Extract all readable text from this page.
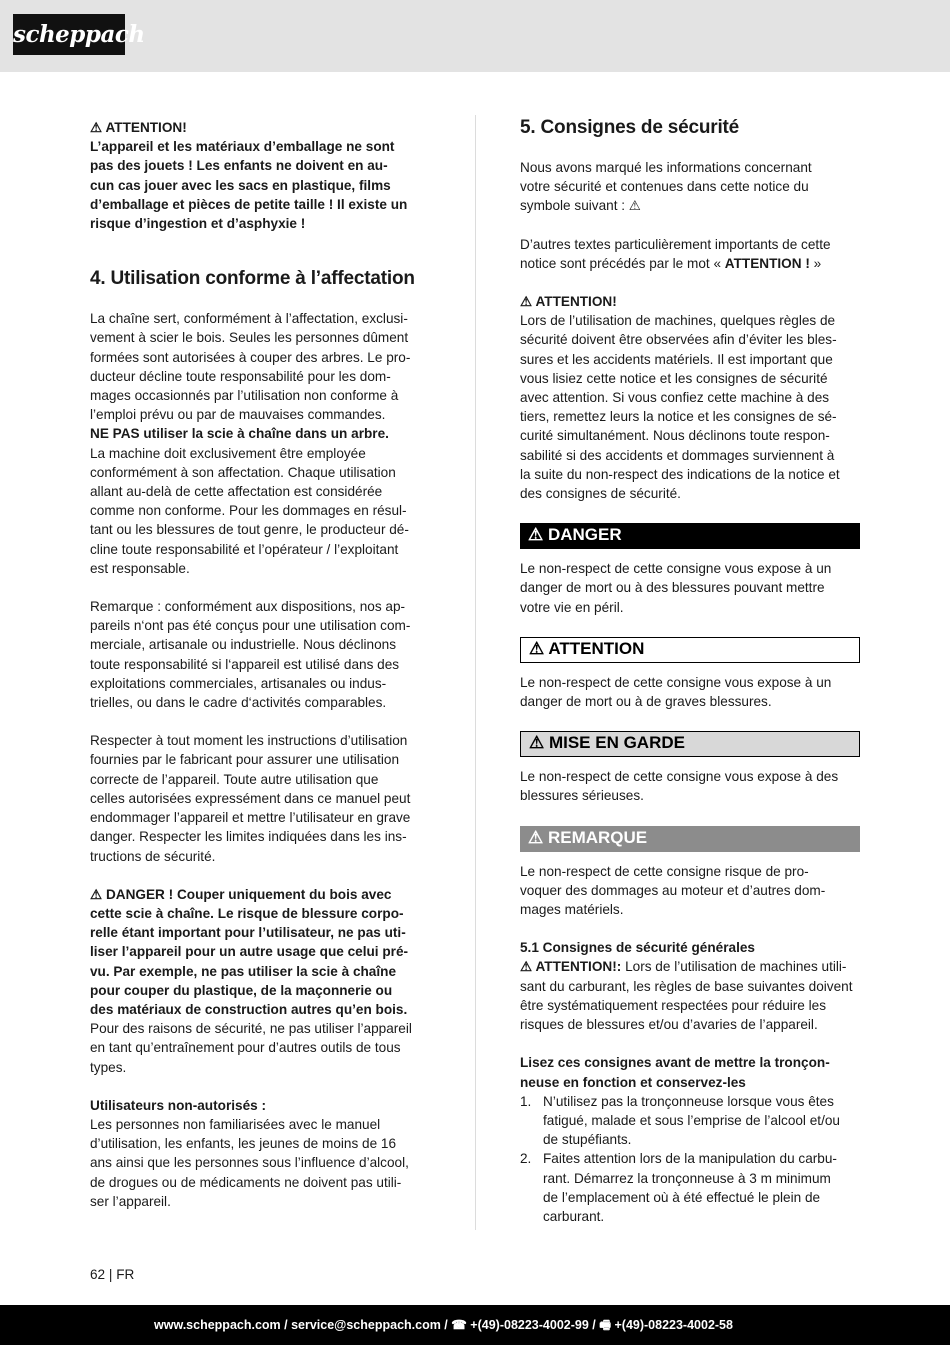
scheppach

⚠ ATTENTION!

L’appareil et les matériaux d’emballage ne sont

pas des jouets ! Les enfants ne doivent en au-

cun cas jouer avec les sacs en plastique, films

d’emballage et pièces de petite taille ! Il existe un

risque d’ingestion et d’asphyxie !

4. Utilisation conforme à l’affectation

La chaîne sert, conformément à l’affectation, exclusi-

vement à scier le bois. Seules les personnes dûment

formées sont autorisées à couper des arbres. Le pro-

ducteur décline toute responsabilité pour les dom-

mages occasionnés par l’utilisation non conforme à

l’emploi prévu ou par de mauvaises commandes.

NE PAS utiliser la scie à chaîne dans un arbre.

La machine doit exclusivement être employée

conformément à son affectation. Chaque utilisation

allant au-delà de cette affectation est considérée

comme non conforme. Pour les dommages en résul-

tant ou les blessures de tout genre, le producteur dé-

cline toute responsabilité et l’opérateur / l’exploitant

est responsable.

Remarque : conformément aux dispositions, nos ap-

pareils n‘ont pas été conçus pour une utilisation com-

merciale, artisanale ou industrielle. Nous déclinons

toute responsabilité si l‘appareil est utilisé dans des

exploitations commerciales, artisanales ou indus-

trielles, ou dans le cadre d‘activités comparables.

Respecter à tout moment les instructions d’utilisation

fournies par le fabricant pour assurer une utilisation

correcte de l’appareil. Toute autre utilisation que

celles autorisées expressément dans ce manuel peut

endommager l’appareil et mettre l’utilisateur en grave

danger. Respecter les limites indiquées dans les ins-

tructions de sécurité.

⚠ DANGER ! Couper uniquement du bois avec

cette scie à chaîne. Le risque de blessure corpo-

relle étant important pour l’utilisateur, ne pas uti-

liser l’appareil pour un autre usage que celui pré-

vu. Par exemple, ne pas utiliser la scie à chaîne

pour couper du plastique, de la maçonnerie ou

des matériaux de construction autres qu’en bois.

Pour des raisons de sécurité, ne pas utiliser l’appareil

en tant qu’entraînement pour d’autres outils de tous

types.

Utilisateurs non-autorisés :

Les personnes non familiarisées avec le manuel

d’utilisation, les enfants, les jeunes de moins de 16

ans ainsi que les personnes sous l’influence d’alcool,

de drogues ou de médicaments ne doivent pas utili-

ser l’appareil.

5. Consignes de sécurité

Nous avons marqué les informations concernant

votre sécurité et contenues dans cette notice du

symbole suivant : ⚠

D’autres textes particulièrement importants de cette

notice sont précédés par le mot « ATTENTION ! »

⚠ ATTENTION!

Lors de l’utilisation de machines, quelques règles de

sécurité doivent être observées afin d’éviter les bles-

sures et les accidents matériels. Il est important que

vous lisiez cette notice et les consignes de sécurité

avec attention. Si vous confiez cette machine à des

tiers, remettez leurs la notice et les consignes de sé-

curité simultanément. Nous déclinons toute respon-

sabilité si des accidents et dommages surviennent à

la suite du non-respect des indications de la notice et

des consignes de sécurité.

⚠ DANGER

Le non-respect de cette consigne vous expose à un

danger de mort ou à des blessures pouvant mettre

votre vie en péril.

⚠ ATTENTION

Le non-respect de cette consigne vous expose à un

danger de mort ou à de graves blessures.

⚠ MISE EN GARDE

Le non-respect de cette consigne vous expose à des

blessures sérieuses.

⚠ REMARQUE

Le non-respect de cette consigne risque de pro-

voquer des dommages au moteur et d’autres dom-

mages matériels.

5.1 Consignes de sécurité générales

⚠ ATTENTION!: Lors de l’utilisation de machines utili-

sant du carburant, les règles de base suivantes doivent

être systématiquement respectées pour réduire les

risques de blessures et/ou d’avaries de l’appareil.

Lisez ces consignes avant de mettre la tronçon-

neuse en fonction et conservez-les

1. N’utilisez pas la tronçonneuse lorsque vous êtes

fatigué, malade et sous l’emprise de l’alcool et/ou

de stupéfiants.

2. Faites attention lors de la manipulation du carbu-

rant. Démarrez la tronçonneuse à 3 m minimum

de l’emplacement où à été effectué le plein de

carburant.

62 | FR
www.scheppach.com / service@scheppach.com / ☎ +(49)-08223-4002-99 / 🖷 +(49)-08223-4002-58
